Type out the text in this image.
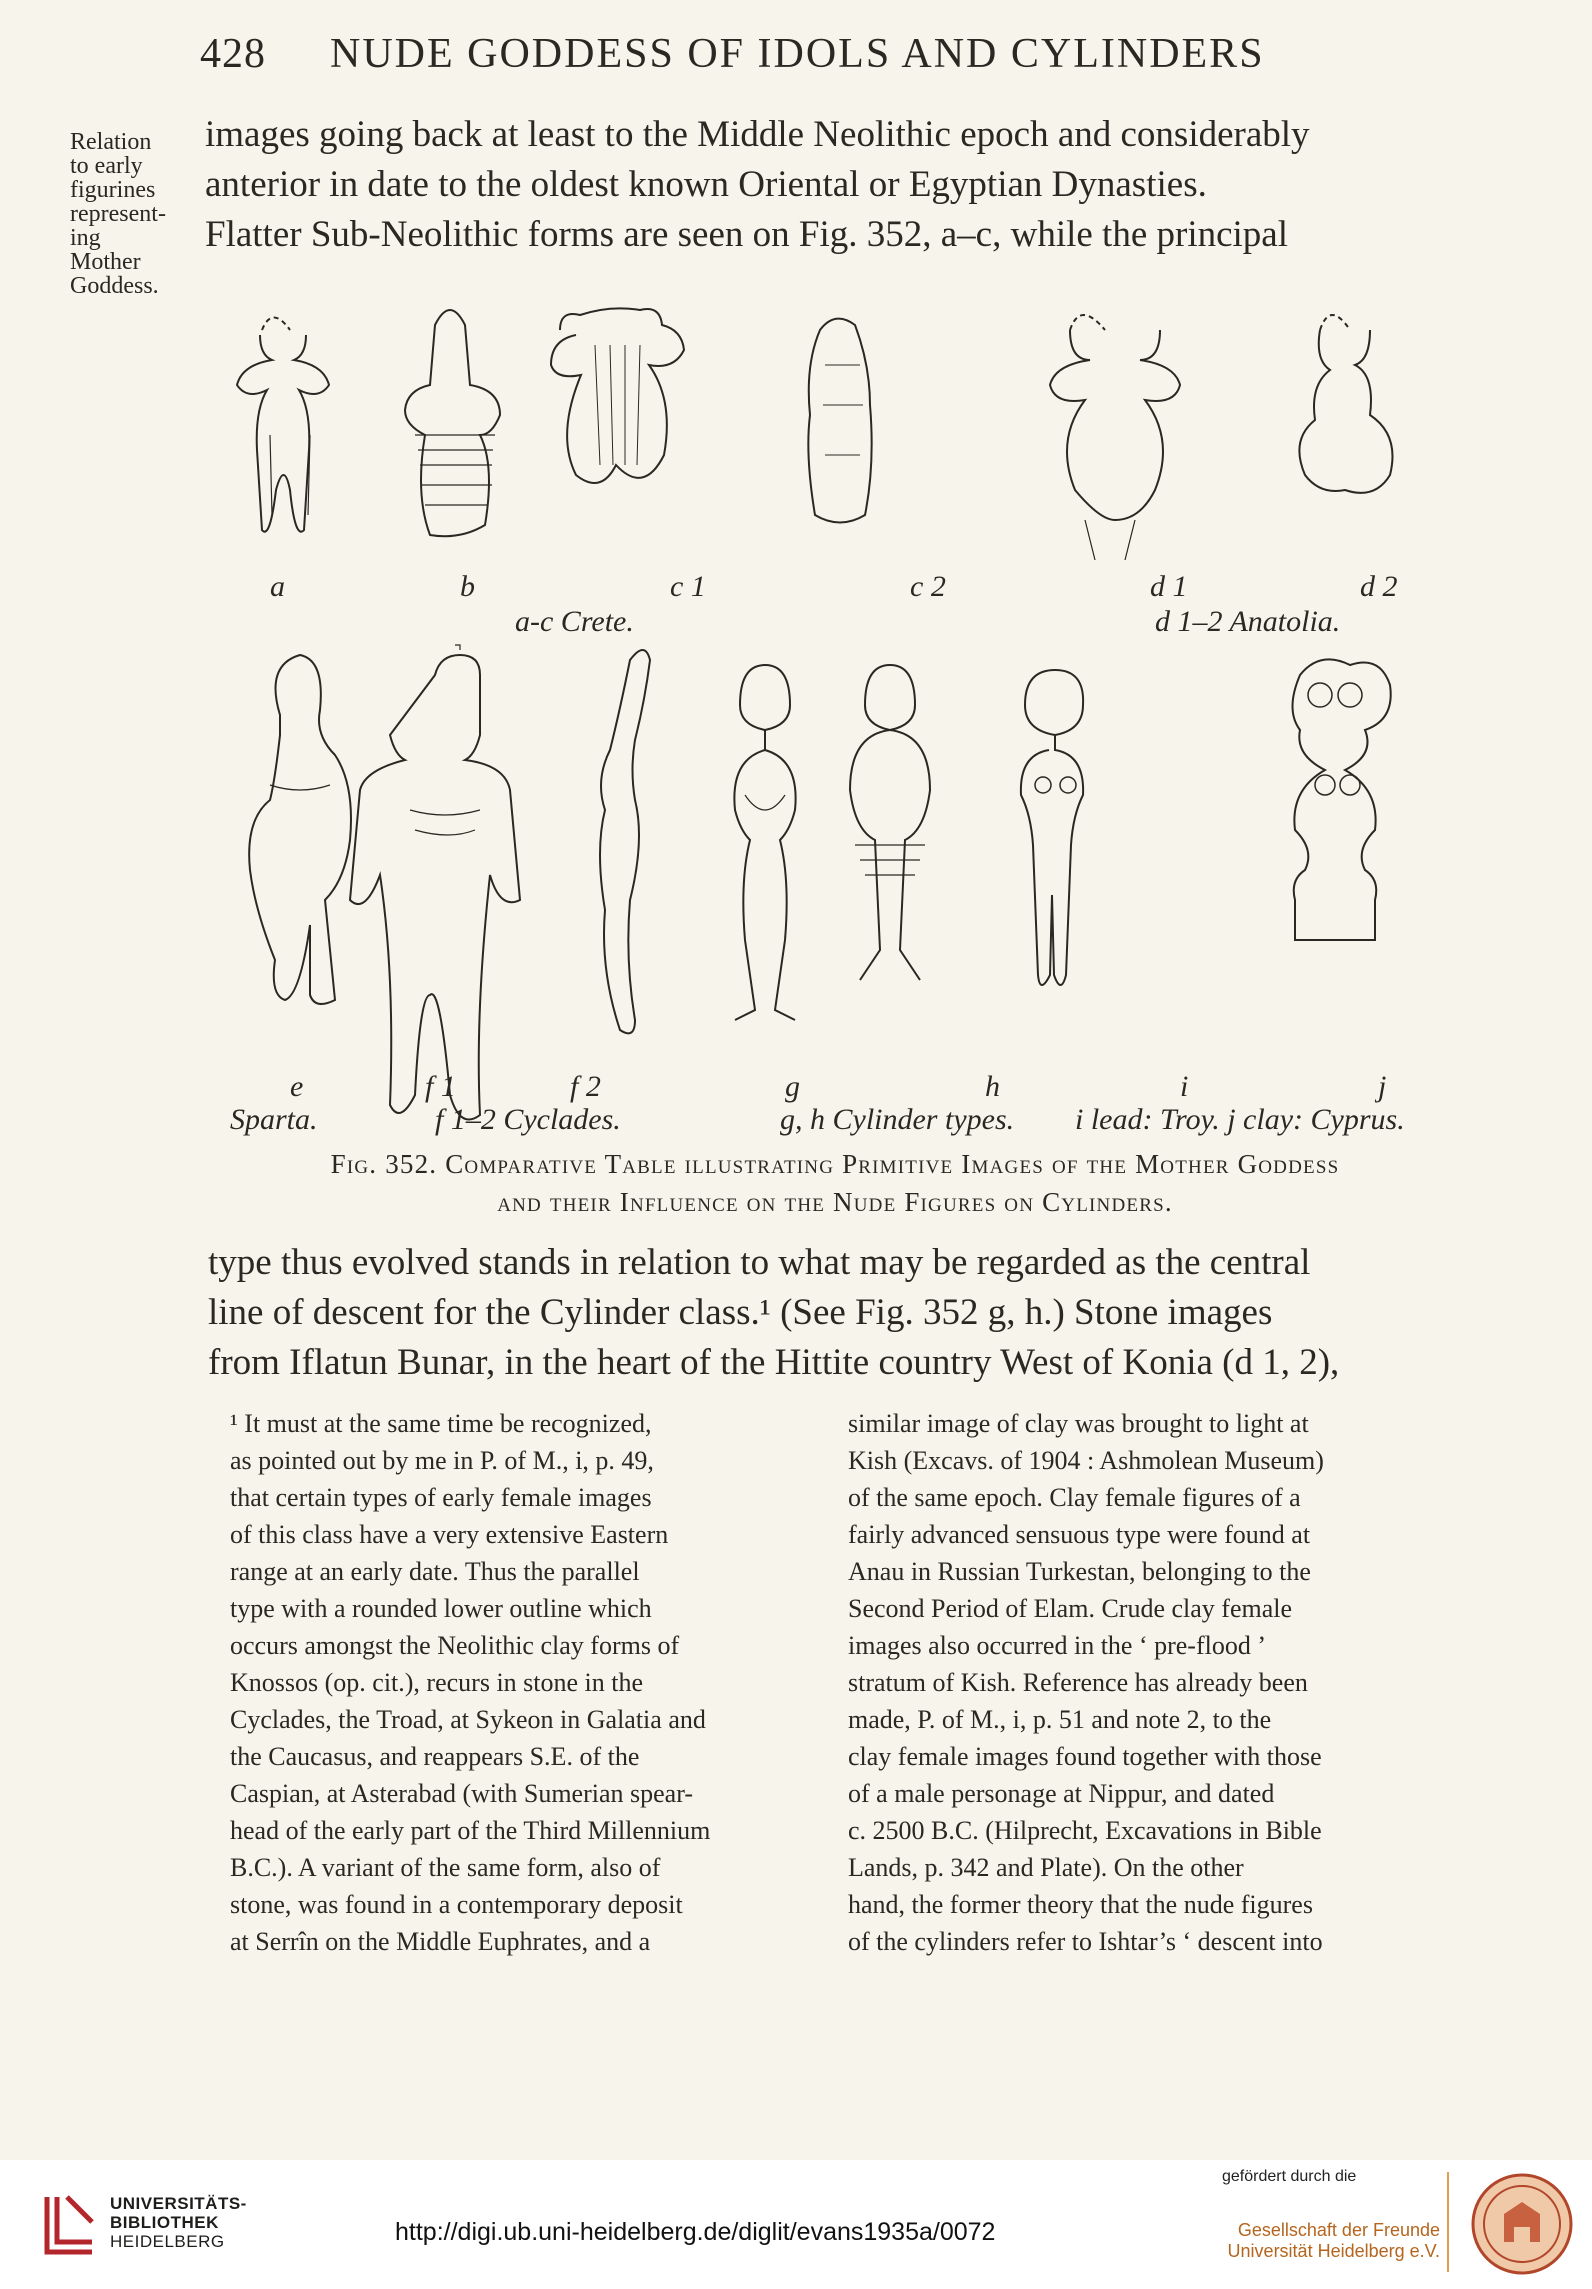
428 NUDE GODDESS OF IDOLS AND CYLINDERS
Relation
to early
figurines
represent-
ing
Mother
Goddess.
images going back at least to the Middle Neolithic epoch and considerably
anterior in date to the oldest known Oriental or Egyptian Dynasties.
Flatter Sub-Neolithic forms are seen on Fig. 352, a–c, while the principal
a	b	c 1	c 2	d 1	d 2
a-c Crete.	d 1–2 Anatolia.
e	f 1	f 2	g	h	i	j
Sparta.	f 1–2 Cyclades.	g, h Cylinder types. i lead: Troy. j clay: Cyprus.
Fig. 352. Comparative Table illustrating Primitive Images of the Mother Goddess
and their Influence on the Nude Figures on Cylinders.
type thus evolved stands in relation to what may be regarded as the central
line of descent for the Cylinder class.¹ (See Fig. 352 g, h.) Stone images
from Iflatun Bunar, in the heart of the Hittite country West of Konia (d 1, 2),
¹ It must at the same time be recognized,
as pointed out by me in P. of M., i, p. 49,
that certain types of early female images
of this class have a very extensive Eastern
range at an early date. Thus the parallel
type with a rounded lower outline which
occurs amongst the Neolithic clay forms of
Knossos (op. cit.), recurs in stone in the
Cyclades, the Troad, at Sykeon in Galatia and
the Caucasus, and reappears S.E. of the
Caspian, at Asterabad (with Sumerian spear-
head of the early part of the Third Millennium
B.C.). A variant of the same form, also of
stone, was found in a contemporary deposit
at Serrîn on the Middle Euphrates, and a
similar image of clay was brought to light at
Kish (Excavs. of 1904 : Ashmolean Museum)
of the same epoch. Clay female figures of a
fairly advanced sensuous type were found at
Anau in Russian Turkestan, belonging to the
Second Period of Elam. Crude clay female
images also occurred in the ‘ pre-flood ’
stratum of Kish. Reference has already been
made, P. of M., i, p. 51 and note 2, to the
clay female images found together with those
of a male personage at Nippur, and dated
c. 2500 B.C. (Hilprecht, Excavations in Bible
Lands, p. 342 and Plate). On the other
hand, the former theory that the nude figures
of the cylinders refer to Ishtar’s ‘ descent into
UNIVERSITÄTS-
BIBLIOTHEK
HEIDELBERG	http://digi.ub.uni-heidelberg.de/diglit/evans1935a/0072
gefördert durch die
Gesellschaft der Freunde
Universität Heidelberg e.V.
